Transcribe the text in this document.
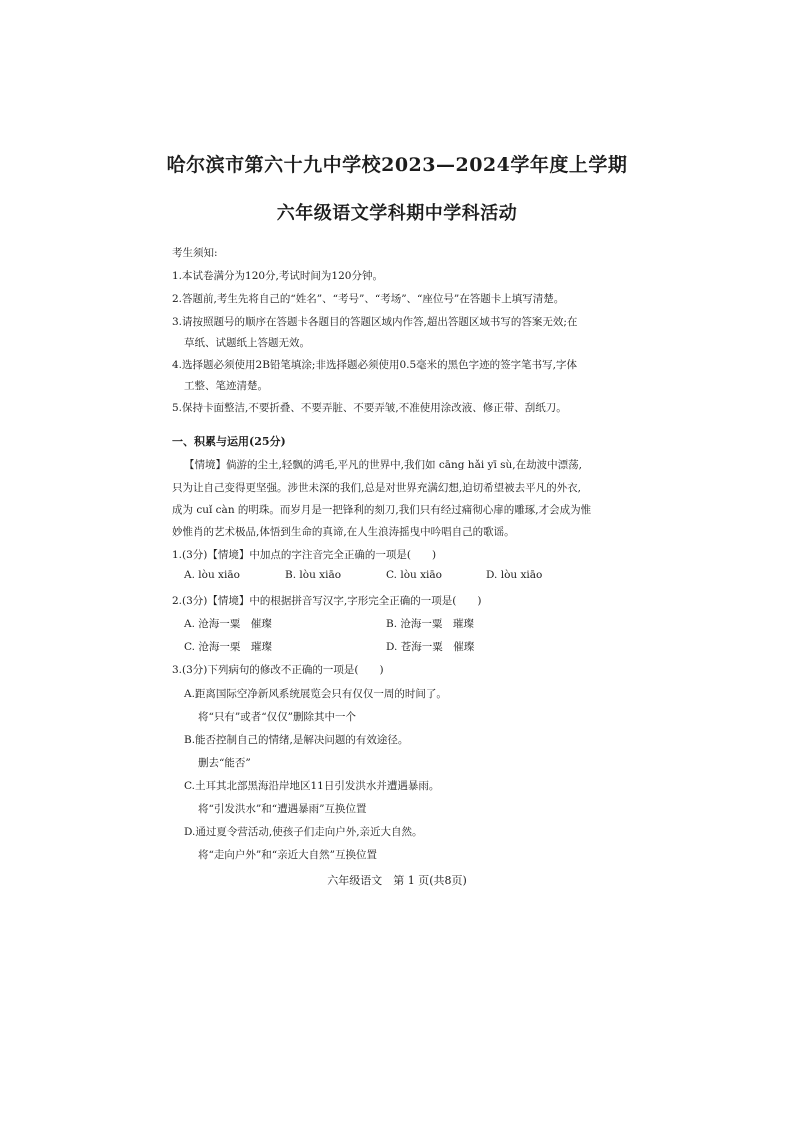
哈尔滨市第六十九中学校2023—2024学年度上学期
六年级语文学科期中学科活动
考生须知:
1.本试卷满分为120分,考试时间为120分钟。
2.答题前,考生先将自己的“姓名”、“考号”、“考场”、“座位号”在答题卡上填写清楚。
3.请按照题号的顺序在答题卡各题目的答题区域内作答,超出答题区域书写的答案无效;在
草纸、试题纸上答题无效。
4.选择题必须使用2B铅笔填涂;非选择题必须使用0.5毫米的黑色字迹的签字笔书写,字体
工整、笔迹清楚。
5.保持卡面整洁,不要折叠、不要弄脏、不要弄皱,不准使用涂改液、修正带、刮纸刀。
一、积累与运用(25分)
【情境】倘游的尘土,轻飘的鸿毛,平凡的世界中,我们如 cāng hǎi yī sù,在劫波中漂荡,
只为让自己变得更坚强。涉世未深的我们,总是对世界充满幻想,迫切希望被去平凡的外衣,
成为 cuǐ càn 的明珠。而岁月是一把锋利的刻刀,我们只有经过痛彻心扉的雕琢,才会成为惟
妙惟肖的艺术极品,体悟到生命的真谛,在人生浪涛摇曳中吟唱自己的歌谣。
1.(3分)【情境】中加点的字注音完全正确的一项是(　　)
A. lòu xiāo	B. lòu xiāo	C. lòu xiāo	D. lòu xiāo
2.(3分)【情境】中的根据拼音写汉字,字形完全正确的一项是(　　)
A. 沧海一粟　催璨	B. 沧海一粟　璀璨
C. 沧海一栗　璀璨	D. 苍海一粟　催璨
3.(3分)下列病句的修改不正确的一项是(　　)
A.距离国际空净新风系统展览会只有仅仅一周的时间了。
将“只有”或者“仅仅”删除其中一个
B.能否控制自己的情绪,是解决问题的有效途径。
删去“能否”
C.土耳其北部黑海沿岸地区11日引发洪水并遭遇暴雨。
将“引发洪水”和“遭遇暴雨”互换位置
D.通过夏令营活动,使孩子们走向户外,亲近大自然。
将“走向户外”和“亲近大自然”互换位置
六年级语文　第 1 页(共8页)
